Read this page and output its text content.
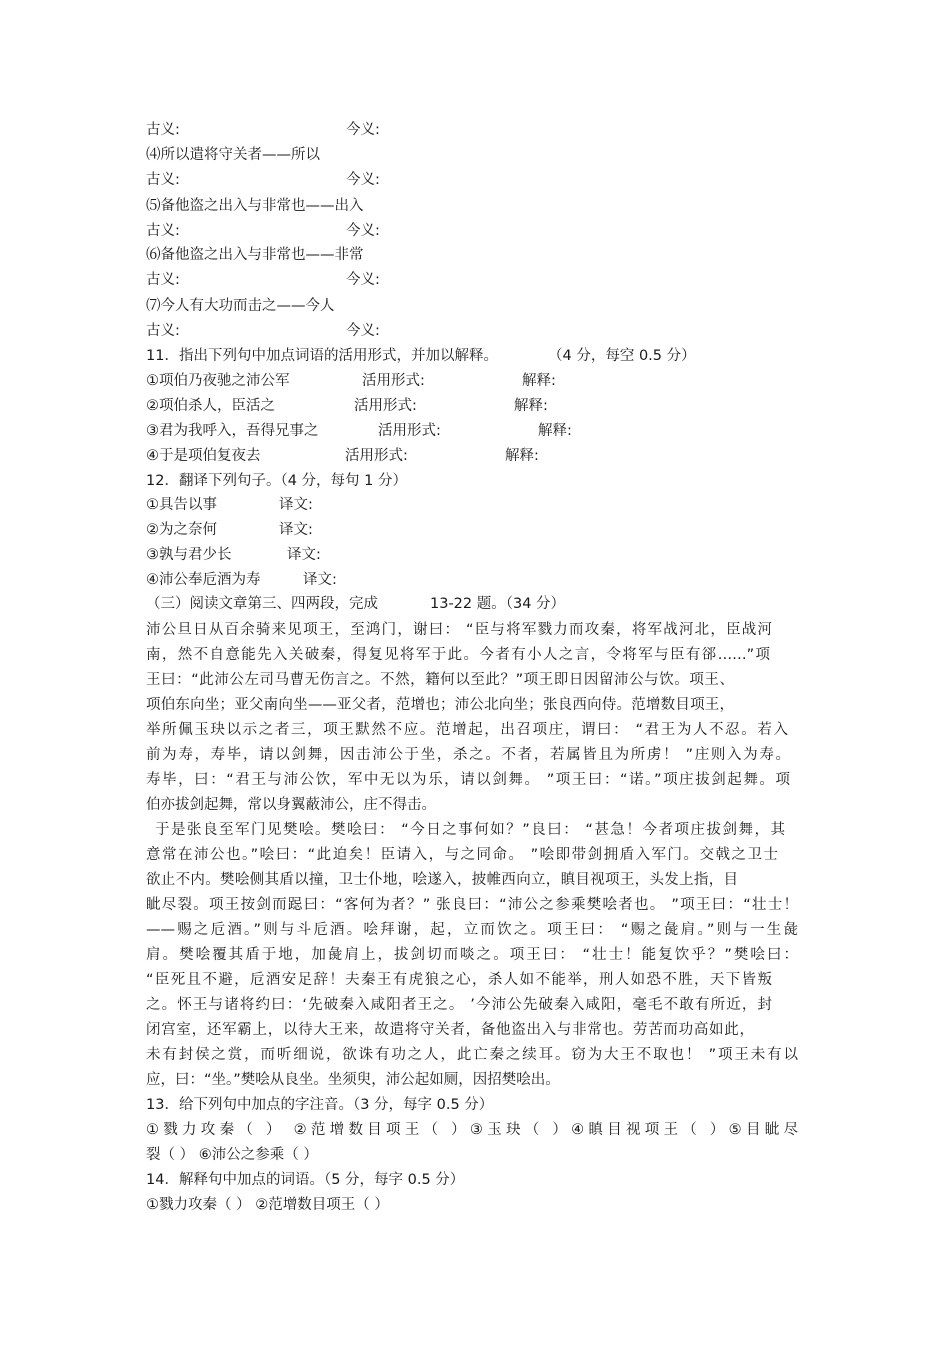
古义:	今义:
⑷所以遣将守关者——所以
古义:	今义:
⑸备他盗之出入与非常也——出入
古义:	今义:
⑹备他盗之出入与非常也——非常
古义:	今义:
⑺今人有大功而击之——今人
古义:	今义:
11．指出下列句中加点词语的活用形式，并加以解释。	（4 分，每空 0.5 分）
①项伯乃夜驰之沛公军	活用形式:	解释:
②项伯杀人，臣活之	活用形式:	解释:
③君为我呼入，吾得兄事之	活用形式:	解释:
④于是项伯复夜去	活用形式:	解释:
12．翻译下列句子。（4 分，每句 1 分）
①具告以事	译文:
②为之奈何	译文:
③孰与君少长	译文:
④沛公奉卮酒为寿	译文:
（三）阅读文章第三、四两段，完成	13-22 题。（34 分）
沛公旦日从百余骑来见项王，至鸿门，谢曰： “臣与将军戮力而攻秦，将军战河北，臣战河
南，然不自意能先入关破秦，得复见将军于此。今者有小人之言，令将军与臣有郤……”项
王曰：“此沛公左司马曹无伤言之。不然，籍何以至此？”项王即日因留沛公与饮。项王、
项伯东向坐；亚父南向坐——亚父者，范增也；沛公北向坐；张良西向侍。范增数目项王，
举所佩玉玦以示之者三，项王默然不应。范增起，出召项庄，谓曰： “君王为人不忍。若入
前为寿，寿毕，请以剑舞，因击沛公于坐，杀之。不者，若属皆且为所虏！ ”庄则入为寿。
寿毕，曰：“君王与沛公饮，军中无以为乐，请以剑舞。 ”项王曰：“诺。”项庄拔剑起舞。项
伯亦拔剑起舞，常以身翼蔽沛公，庄不得击。
于是张良至军门见樊哙。樊哙曰： “今日之事何如？”良曰： “甚急！今者项庄拔剑舞，其
意常在沛公也。”哙曰：“此迫矣！臣请入，与之同命。 ”哙即带剑拥盾入军门。交戟之卫士
欲止不内。樊哙侧其盾以撞，卫士仆地，哙遂入，披帷西向立，瞋目视项王，头发上指，目
眦尽裂。项王按剑而跽曰：“客何为者？” 张良曰：“沛公之参乘樊哙者也。 ”项王曰：“壮士！
——赐之卮酒。”则与斗卮酒。哙拜谢，起，立而饮之。项王曰： “赐之彘肩。”则与一生彘
肩。樊哙覆其盾于地，加彘肩上，拔剑切而啖之。项王曰： “壮士！能复饮乎？”樊哙曰：
“臣死且不避，卮酒安足辞！夫秦王有虎狼之心，杀人如不能举，刑人如恐不胜，天下皆叛
之。怀王与诸将约曰：‘先破秦入咸阳者王之。 ’今沛公先破秦入咸阳，毫毛不敢有所近，封
闭宫室，还军霸上，以待大王来，故遣将守关者，备他盗出入与非常也。劳苦而功高如此，
未有封侯之赏，而听细说，欲诛有功之人，此亡秦之续耳。窃为大王不取也！ ”项王未有以
应，曰：“坐。”樊哙从良坐。坐须臾，沛公起如厕，因招樊哙出。
13．给下列句中加点的字注音。（3 分，每字 0.5 分）
①戮力攻秦（ ） ②范增数目项王（ ）③玉玦（ ）④瞋目视项王（ ）⑤目眦尽
裂（ ） ⑥沛公之参乘（ ）
14．解释句中加点的词语。（5 分，每字 0.5 分）
①戮力攻秦（ ） ②范增数目项王（ ）
